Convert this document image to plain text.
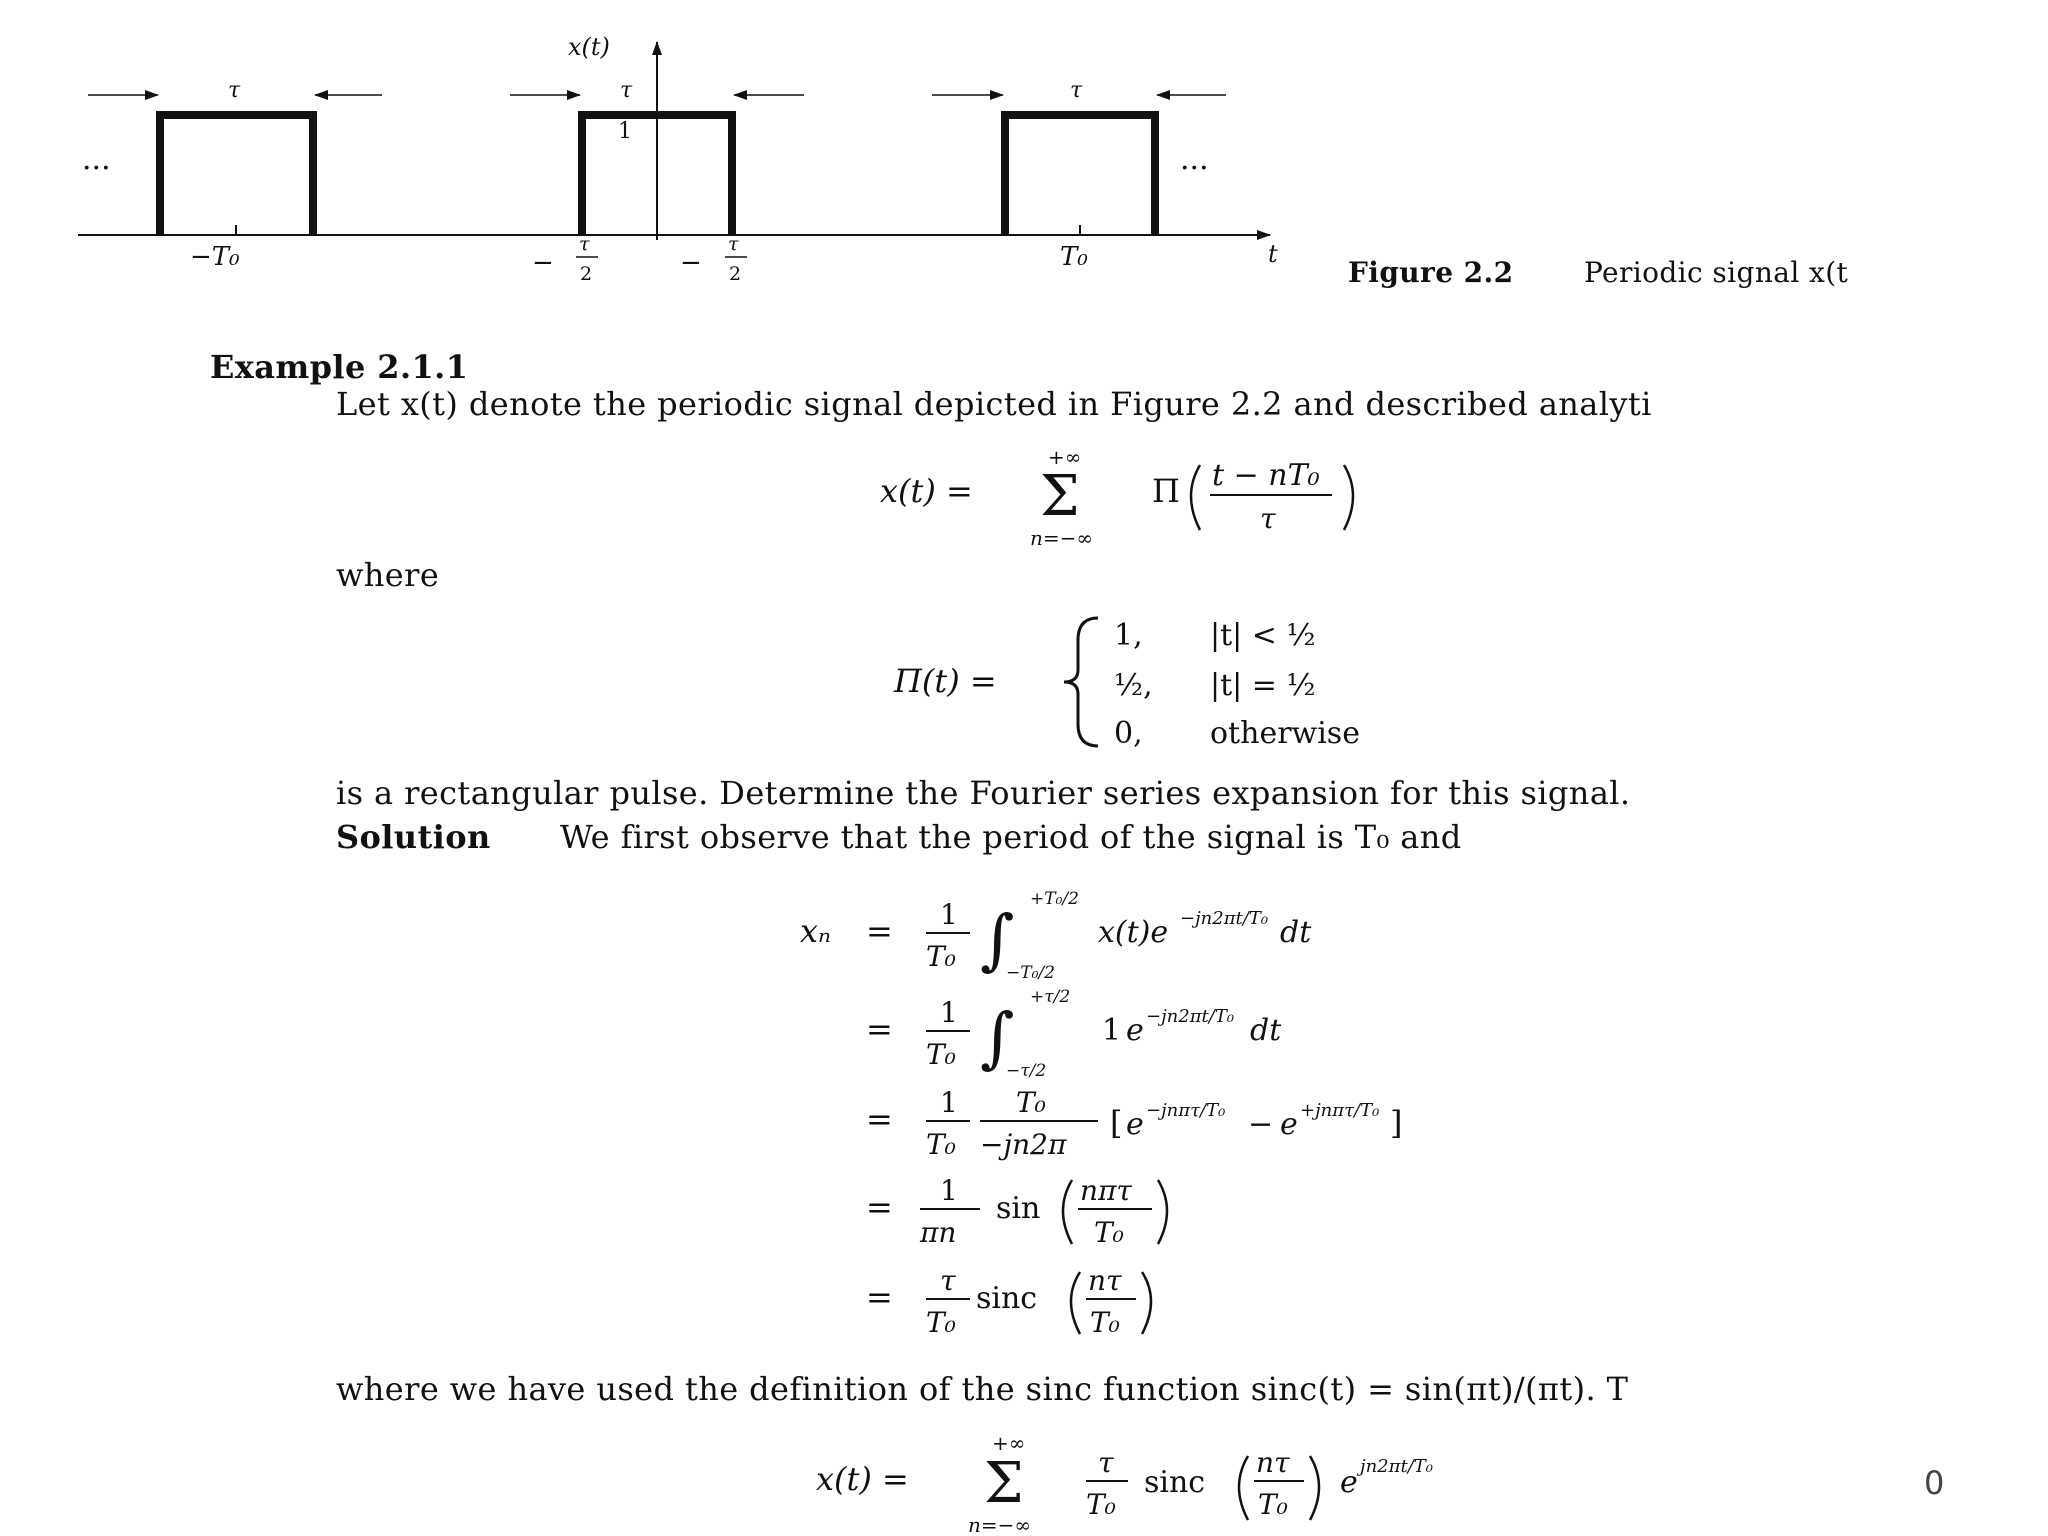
x(t)
t
τ	τ	τ
1
···	···
−T₀	−
τ
2	−
τ
2
T₀	Figure 2.2	Periodic signal x(t
Example 2.1.1
Let x(t) denote the periodic signal depicted in Figure 2.2 and described analyti
x(t) =
+∞
Σ
n=−∞
Π t − nT₀
τ
where
Π(t) =
1, |t| < ½
½, |t| = ½
0, otherwise
is a rectangular pulse. Determine the Fourier series expansion for this signal.
Solution We first observe that the period of the signal is T₀ and
xₙ = 1
T₀ ∫
+T₀/2
−T₀/2
x(t)e −jn2πt/T₀ dt
= 1
T₀ ∫
+τ/2
−τ/2
1 e −jn2πt/T₀ dt
= 1
T₀
T₀
−jn2π
[ e −jnπτ/T₀ − e +jnπτ/T₀ ]
= 1
πn
sin
nπτ
T₀
= τ
T₀
sinc
nτ
T₀
where we have used the definition of the sinc function sinc(t) = sin(πt)/(πt). T
x(t) =
+∞
Σ
n=−∞
τ
T₀
sinc
nτ
T₀
e jn2πt/T₀	0
